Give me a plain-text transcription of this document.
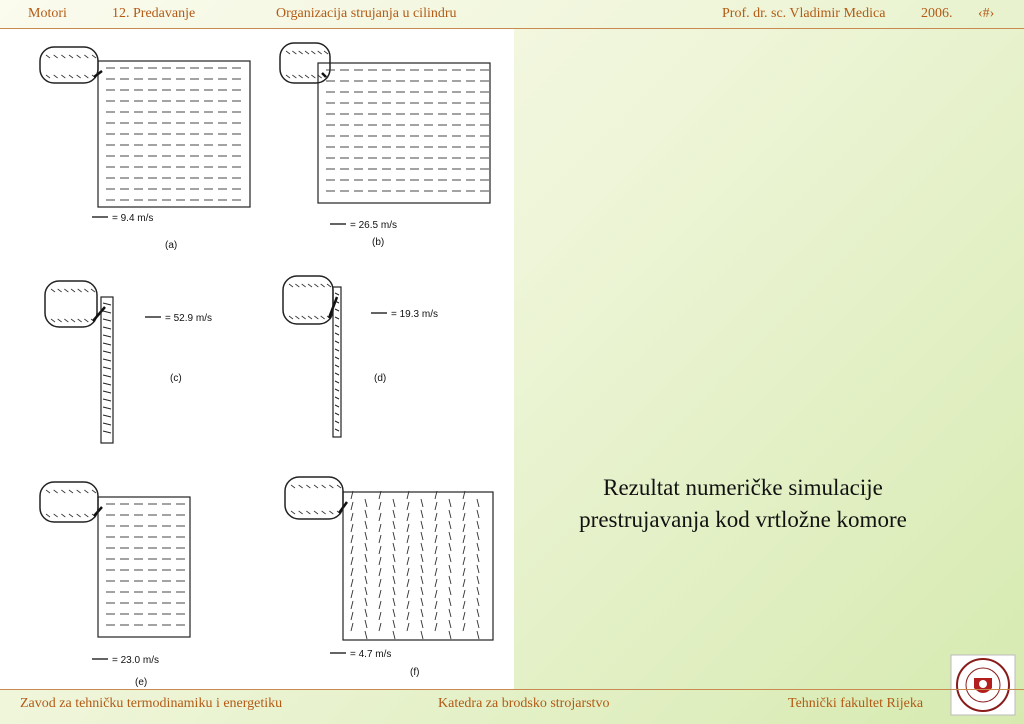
Motori	12. Predavanje	Organizacija strujanja u cilindru	Prof. dr. sc. Vladimir Medica	2006. ‹#›
= 9.4 m/s
(a)
= 26.5 m/s
(b)
= 52.9 m/s
(c)
= 19.3 m/s
(d)
= 23.0 m/s
(e)
= 4.7 m/s
(f)
Rezultat numeričke simulacije
prestrujavanja kod vrtložne komore
Zavod za tehničku termodinamiku i energetiku	Katedra za brodsko strojarstvo	Tehnički fakultet Rijeka
